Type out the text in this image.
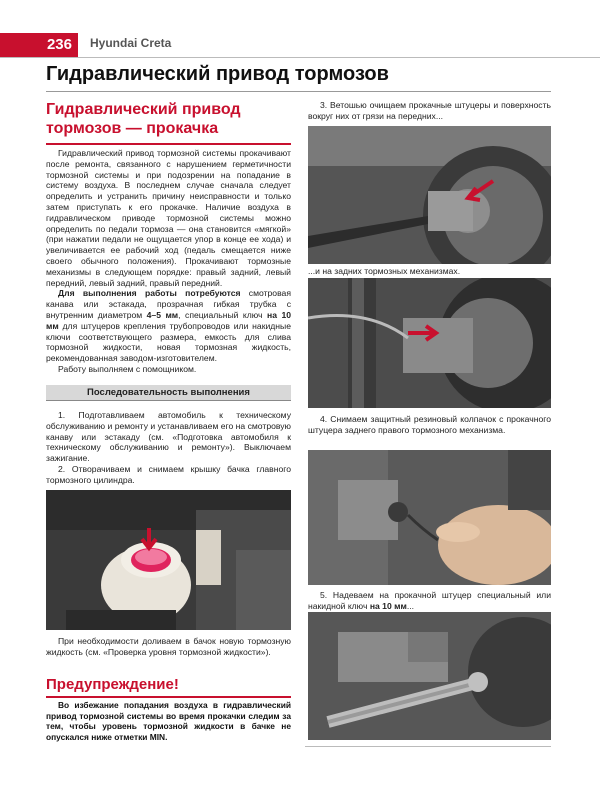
236	Hyundai Creta
Гидравлический привод тормозов
Гидравлический привод
тормозов — прокачка

Гидравлический привод тормозной системы прокачивают после ремонта, связанного с нарушением герметичности тормозной системы и при подозрении на попадание в систему воздуха. В последнем случае сначала следует определить и устранить причину неисправности и только затем приступать к его прокачке. Наличие воздуха в гидравлическом приводе тормозной системы можно определить по педали тормоза — она становится «мягкой» (при нажатии педали не ощущается упор в конце ее хода) и увеличивается ее рабочий ход (педаль смещается ниже своего обычного положения). Прокачивают тормозные механизмы в следующем порядке: правый задний, левый передний, левый задний, правый передний.

Для выполнения работы потребуются смотровая канава или эстакада, прозрачная гибкая трубка с внутренним диаметром 4–5 мм, специальный ключ на 10 мм для штуцеров крепления трубопроводов или накидные ключи соответствующего размера, емкость для слива тормозной жидкости, новая тормозная жидкость, рекомендованная заводом-изготовителем.

Работу выполняем с помощником.

Последовательность выполнения

1. Подготавливаем автомобиль к техническому обслуживанию и ремонту и устанавливаем его на смотровую канаву или эстакаду (см. «Подготовка автомобиля к техническому обслуживанию и ремонту»). Выключаем зажигание.

2. Отворачиваем и снимаем крышку бачка главного тормозного цилиндра.

При необходимости доливаем в бачок новую тормозную жидкость (см. «Проверка уровня тормозной жидкости»).

Предупреждение!

Во избежание попадания воздуха в гидравлический привод тормозной системы во время прокачки следим за тем, чтобы уровень тормозной жидкости в бачке не опускался ниже отметки MIN.

3. Ветошью очищаем прокачные штуцеры и поверхность вокруг них от грязи на передних...

...и на задних тормозных механизмах.

4. Снимаем защитный резиновый колпачок с прокачного штуцера заднего правого тормозного механизма.

5. Надеваем на прокачной штуцер специальный или накидной ключ на 10 мм...
